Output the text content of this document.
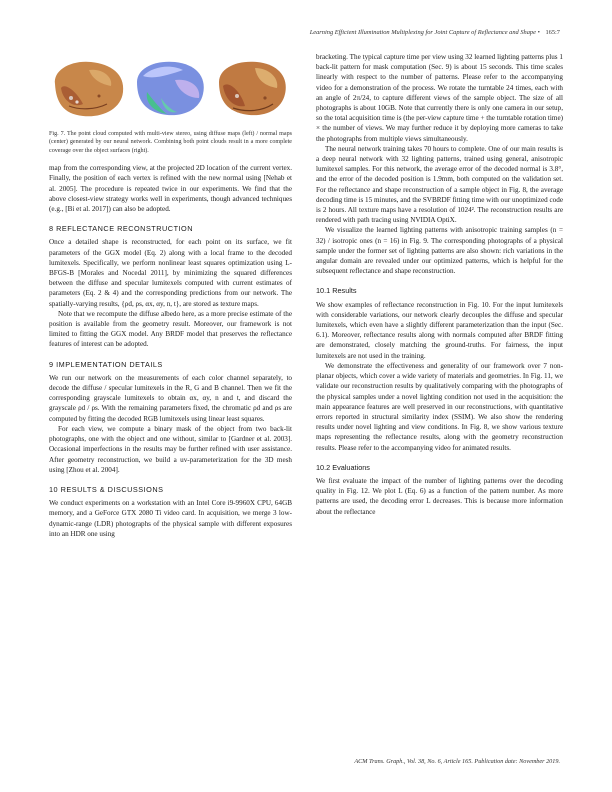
Learning Efficient Illumination Multiplexing for Joint Capture of Reflectance and Shape • 165:7
Fig. 7. The point cloud computed with multi-view stereo, using diffuse maps (left) / normal maps (center) generated by our neural network. Combining both point clouds result in a more complete coverage over the object surfaces (right).

map from the corresponding view, at the projected 2D location of the current vertex. Finally, the position of each vertex is refined with the new normal using [Nehab et al. 2005]. The procedure is repeated twice in our experiments. We find that the above closest-view strategy works well in experiments, though advanced techniques (e.g., [Bi et al. 2017]) can also be adopted.

8 REFLECTANCE RECONSTRUCTION

Once a detailed shape is reconstructed, for each point on its surface, we fit parameters of the GGX model (Eq. 2) along with a local frame to the decoded lumitexels. Specifically, we perform nonlinear least squares optimization using L-BFGS-B [Morales and Nocedal 2011], by minimizing the squared differences between the diffuse and specular lumitexels computed with current estimates of parameters (Eq. 2 & 4) and the corresponding predictions from our network. The spatially-varying results, {ρd, ρs, αx, αy, n, t}, are stored as texture maps.

Note that we recompute the diffuse albedo here, as a more precise estimate of the position is available from the geometry result. Moreover, our framework is not limited to fitting the GGX model. Any BRDF model that preserves the reflectance features of interest can be adopted.

9 IMPLEMENTATION DETAILS

We run our network on the measurements of each color channel separately, to decode the diffuse / specular lumitexels in the R, G and B channel. Then we fit the corresponding grayscale lumitexels to obtain αx, αy, n and t, and discard the grayscale ρd / ρs. With the remaining parameters fixed, the chromatic ρd and ρs are computed by fitting the decoded RGB lumitexels using linear least squares.

For each view, we compute a binary mask of the object from two back-lit photographs, one with the object and one without, similar to [Gardner et al. 2003]. Occasional imperfections in the results may be further refined with user assistance. After geometry reconstruction, we build a uv-parameterization for the 3D mesh using [Zhou et al. 2004].

10 RESULTS & DISCUSSIONS

We conduct experiments on a workstation with an Intel Core i9-9960X CPU, 64GB memory, and a GeForce GTX 2080 Ti video card. In acquisition, we merge 3 low-dynamic-range (LDR) photographs of the physical sample with different exposures into an HDR one using

bracketing. The typical capture time per view using 32 learned lighting patterns plus 1 back-lit pattern for mask computation (Sec. 9) is about 15 seconds. This time scales linearly with respect to the number of patterns. Please refer to the accompanying video for a demonstration of the process. We rotate the turntable 24 times, each with an angle of 2π/24, to capture different views of the sample object. The size of all photographs is about 10GB. Note that currently there is only one camera in our setup, so the total acquisition time is (the per-view capture time + the turntable rotation time) × the number of views. We may further reduce it by deploying more cameras to take the photographs from multiple views simultaneously.

The neural network training takes 70 hours to complete. One of our main results is a deep neural network with 32 lighting patterns, trained using general, anisotropic lumitexel samples. For this network, the average error of the decoded normal is 3.8°, and the error of the decoded position is 1.9mm, both computed on the validation set. For the reflectance and shape reconstruction of a sample object in Fig. 8, the average decoding time is 15 minutes, and the SVBRDF fitting time with our unoptimized code is 2 hours. All texture maps have a resolution of 1024². The reconstruction results are rendered with path tracing using NVIDIA OptiX.

We visualize the learned lighting patterns with anisotropic training samples (n = 32) / isotropic ones (n = 16) in Fig. 9. The corresponding photographs of a physical sample under the former set of lighting patterns are also shown: rich variations in the angular domain are revealed under our optimized patterns, which is helpful for the subsequent reflectance and shape reconstruction.

10.1 Results

We show examples of reflectance reconstruction in Fig. 10. For the input lumitexels with considerable variations, our network clearly decouples the diffuse and specular lumitexels, which even have a slightly different parameterization than the input (Sec. 6.1). Moreover, reflectance results along with normals computed after BRDF fitting are demonstrated, closely matching the ground-truths. For fairness, the input lumitexels are not used in the training.

We demonstrate the effectiveness and generality of our framework over 7 non-planar objects, which cover a wide variety of materials and geometries. In Fig. 11, we validate our reconstruction results by qualitatively comparing with the photographs of the physical samples under a novel lighting condition not used in the acquisition: the main appearance features are well preserved in our reconstructions, with quantitative errors reported in structural similarity index (SSIM). We also show the rendering results under novel lighting and view conditions. In Fig. 8, we show various texture maps representing the reflectance results, along with the geometry reconstruction results. Please refer to the accompanying video for animated results.

10.2 Evaluations

We first evaluate the impact of the number of lighting patterns over the decoding quality in Fig. 12. We plot L (Eq. 6) as a function of the pattern number. As more patterns are used, the decoding error L decreases. This is because more information about the reflectance

ACM Trans. Graph., Vol. 38, No. 6, Article 165. Publication date: November 2019.
